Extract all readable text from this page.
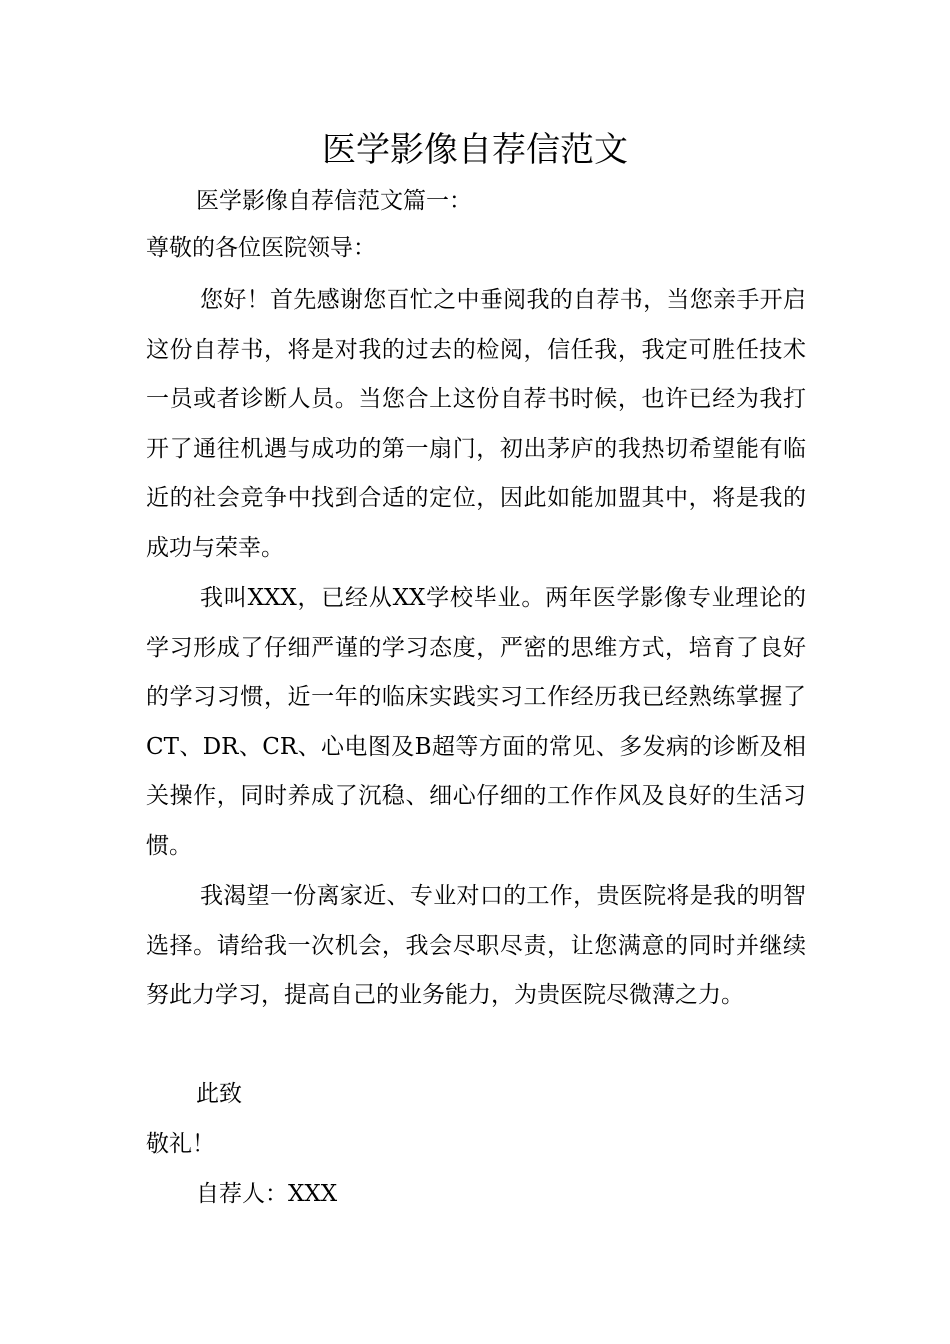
医学影像自荐信范文

医学影像自荐信范文篇一：

尊敬的各位医院领导：

您好！首先感谢您百忙之中垂阅我的自荐书，当您亲手开启这份自荐书，将是对我的过去的检阅，信任我，我定可胜任技术一员或者诊断人员。当您合上这份自荐书时候，也许已经为我打开了通往机遇与成功的第一扇门，初出茅庐的我热切希望能有临近的社会竞争中找到合适的定位，因此如能加盟其中，将是我的成功与荣幸。

我叫XXX，已经从XX学校毕业。两年医学影像专业理论的学习形成了仔细严谨的学习态度，严密的思维方式，培育了良好的学习习惯，近一年的临床实践实习工作经历我已经熟练掌握了CT、DR、CR、心电图及B超等方面的常见、多发病的诊断及相关操作，同时养成了沉稳、细心仔细的工作作风及良好的生活习惯。

我渴望一份离家近、专业对口的工作，贵医院将是我的明智选择。请给我一次机会，我会尽职尽责，让您满意的同时并继续努此力学习，提高自己的业务能力，为贵医院尽微薄之力。

此致

敬礼！

自荐人：XXX
